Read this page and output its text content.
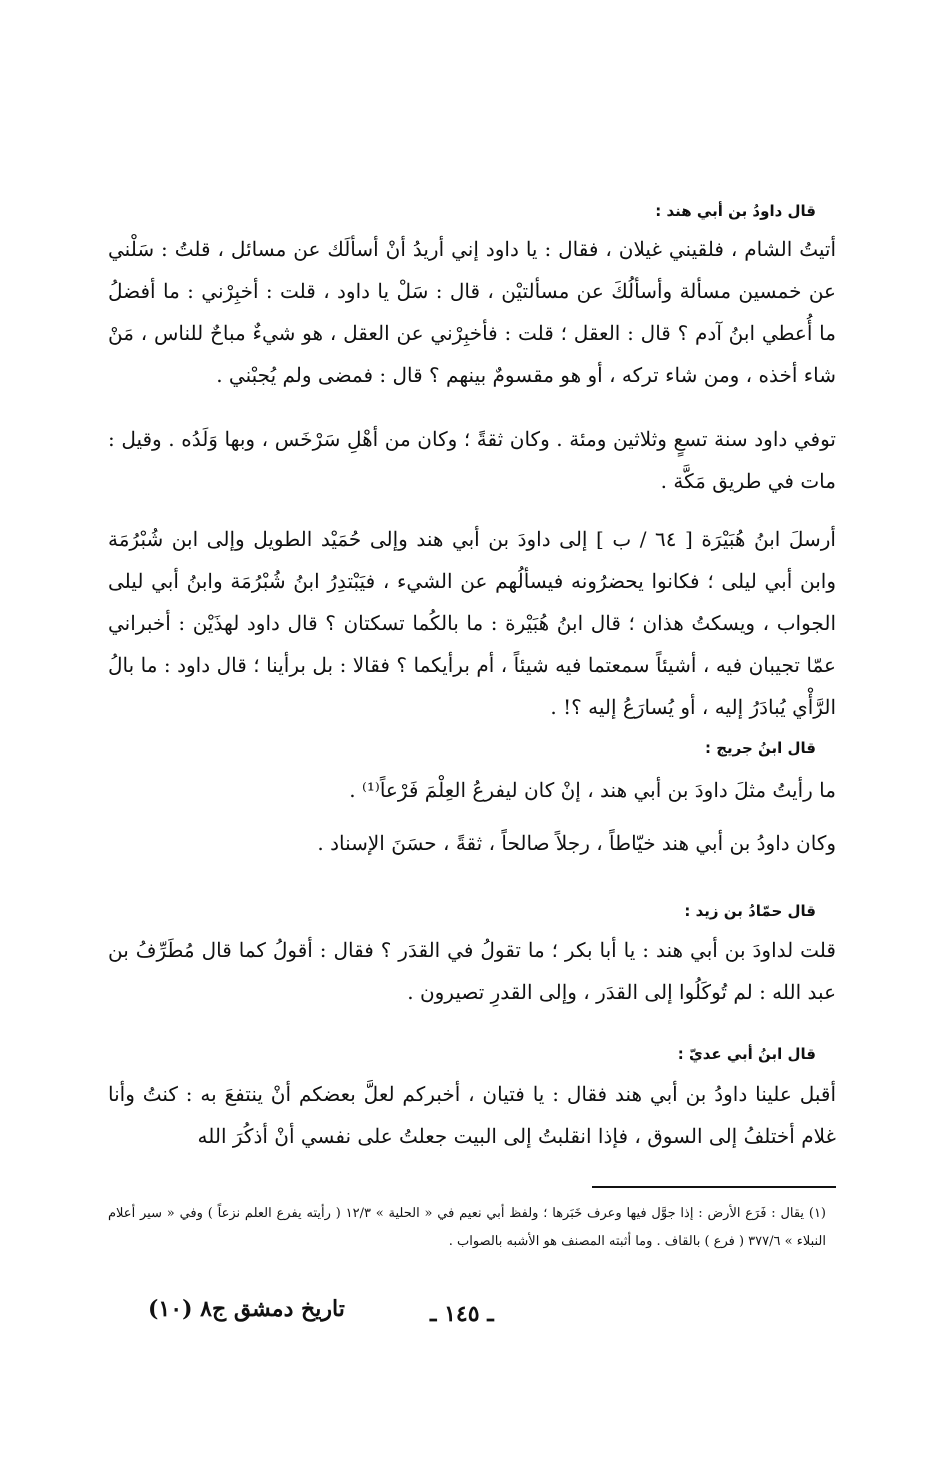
قال داودُ بن أبي هند :
أتيتُ الشام ، فلقيني غيلان ، فقال : يا داود إني أريدُ أنْ أسألَك عن مسائل ، قلتُ : سَلْني عن خمسين مسألة وأسألُكَ عن مسألتيْن ، قال : سَلْ يا داود ، قلت : أخبِرْني : ما أفضلُ ما أُعطي ابنُ آدم ؟ قال : العقل ؛ قلت : فأخبِرْني عن العقل ، هو شيءٌ مباحٌ للناس ، مَنْ شاء أخذه ، ومن شاء تركه ، أو هو مقسومٌ بينهم ؟ قال : فمضى ولم يُجبْني .
توفي داود سنة تسعٍ وثلاثين ومئة . وكان ثقةً ؛ وكان من أهْلِ سَرْخَس ، وبها وَلَدُه . وقيل : مات في طريق مَكَّة .
أرسلَ ابنُ هُبَيْرَة [ ٦٤ / ب ] إلى داودَ بن أبي هند وإلى حُمَيْد الطويل وإلى ابن شُبْرُمَة وابن أبي ليلى ؛ فكانوا يحضرُونه فيسألُهم عن الشيء ، فيَبْتدِرُ ابنُ شُبْرُمَة وابنُ أبي ليلى الجواب ، ويسكتُ هذان ؛ قال ابنُ هُبَيْرة : ما بالكُما تسكتان ؟ قال داود لهذَيْن : أخبراني عمّا تجيبان فيه ، أشيئاً سمعتما فيه شيئاً ، أم برأيكما ؟ فقالا : بل برأينا ؛ قال داود : ما بالُ الرَّأْي يُبادَرُ إليه ، أو يُسارَعُ إليه ؟! .
قال ابنُ جريج :
ما رأيتُ مثلَ داودَ بن أبي هند ، إنْ كان ليفرعُ العِلْمَ فَرْعاً⁽¹⁾ .
وكان داودُ بن أبي هند خيّاطاً ، رجلاً صالحاً ، ثقةً ، حسَنَ الإسناد .
قال حمّادُ بن زيد :
قلت لداودَ بن أبي هند : يا أبا بكر ؛ ما تقولُ في القدَر ؟ فقال : أقولُ كما قال مُطَرِّفُ بن عبد الله : لم تُوكَلُوا إلى القدَر ، وإلى القدرِ تصيرون .
قال ابنُ أبي عديّ :
أقبل علينا داودُ بن أبي هند فقال : يا فتيان ، أخبركم لعلَّ بعضكم أنْ ينتفعَ به : كنتُ وأنا غلام أختلفُ إلى السوق ، فإذا انقلبتُ إلى البيت جعلتُ على نفسي أنْ أذكُرَ الله
(١) يقال : فَرَع الأرض : إذا جوَّل فيها وعرف خَبَرها ؛ ولفظ أبي نعيم في « الحلية » ١٢/٣ ( رأيته يفرع العلم نزعاً ) وفي « سير أعلام النبلاء » ٣٧٧/٦ ( فرع ) بالقاف . وما أثبته المصنف هو الأشبه بالصواب .
ـ ١٤٥ ـ
تاريخ دمشق ج٨ (١٠)
